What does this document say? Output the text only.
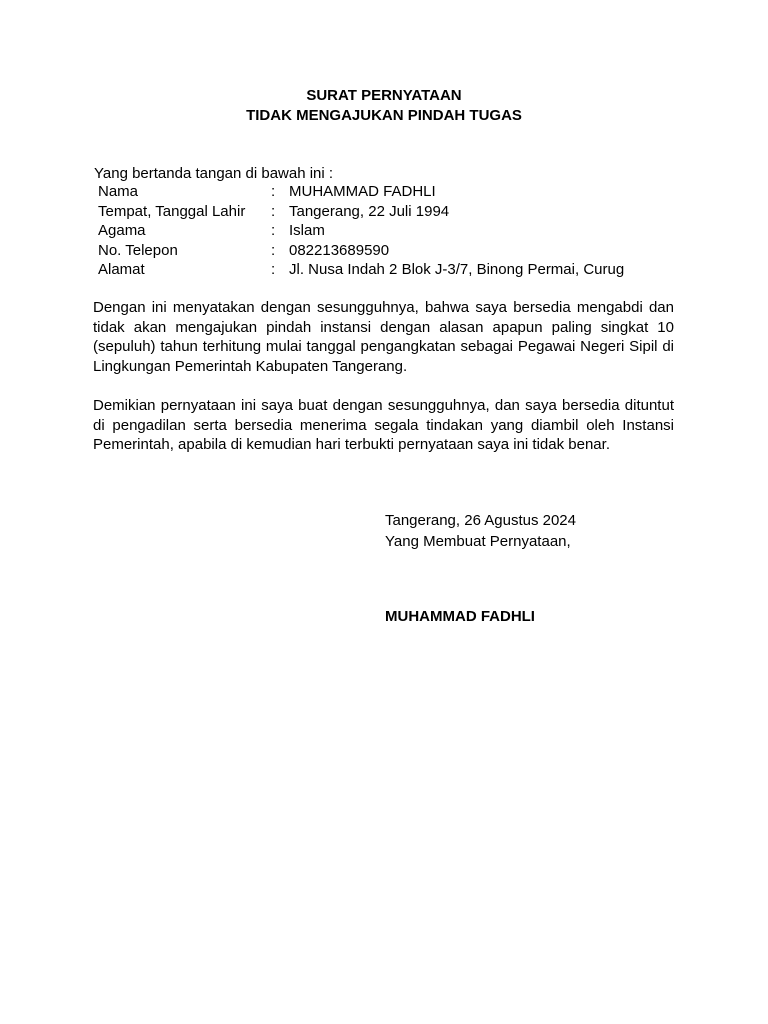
SURAT PERNYATAAN
TIDAK MENGAJUKAN PINDAH TUGAS
Yang bertanda tangan di bawah ini :
Nama	:	MUHAMMAD FADHLI
Tempat, Tanggal Lahir	:	Tangerang, 22 Juli 1994
Agama	:	Islam
No. Telepon	:	082213689590
Alamat	:	Jl. Nusa Indah 2 Blok J-3/7, Binong Permai, Curug
Dengan ini menyatakan dengan sesungguhnya, bahwa saya bersedia mengabdi dan tidak akan mengajukan pindah instansi dengan alasan apapun paling singkat 10 (sepuluh) tahun terhitung mulai tanggal pengangkatan sebagai Pegawai Negeri Sipil di Lingkungan Pemerintah Kabupaten Tangerang.
Demikian pernyataan ini saya buat dengan sesungguhnya, dan saya bersedia dituntut di pengadilan serta bersedia menerima segala tindakan yang diambil oleh Instansi Pemerintah, apabila di kemudian hari terbukti pernyataan saya ini tidak benar.
Tangerang, 26 Agustus 2024
Yang Membuat Pernyataan,
MUHAMMAD FADHLI
